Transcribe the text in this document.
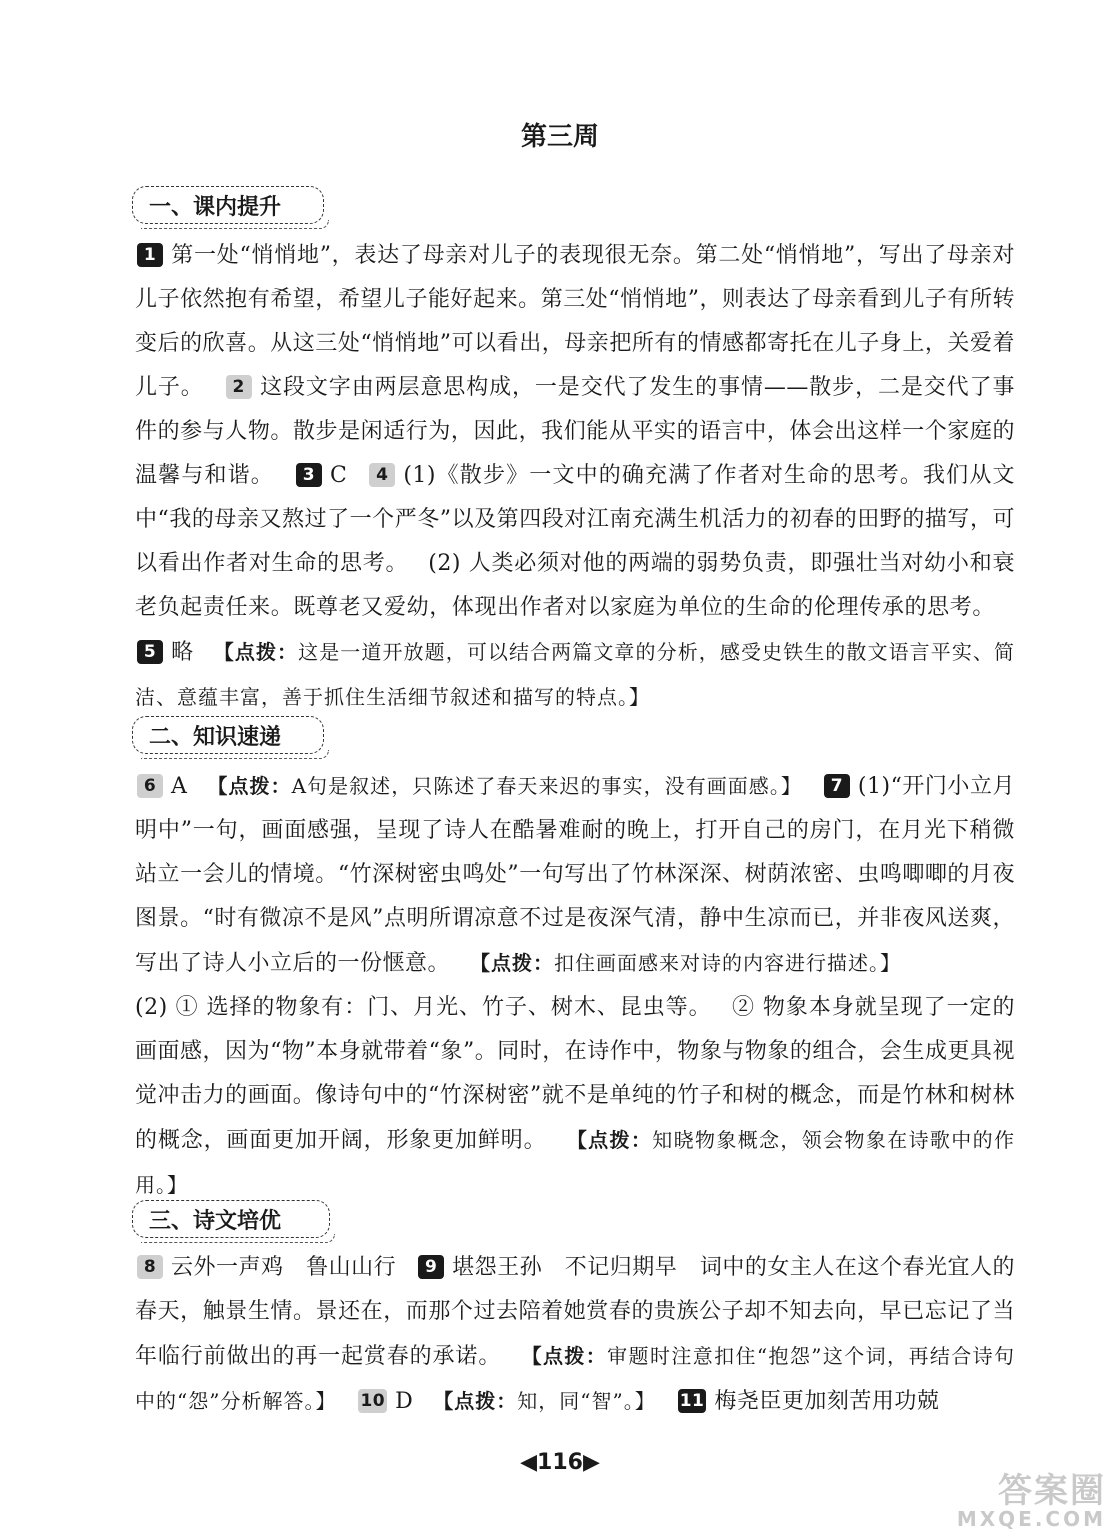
第三周
一、课内提升
1 第一处“悄悄地”，表达了母亲对儿子的表现很无奈。第二处“悄悄地”，写出了母亲对儿子依然抱有希望，希望儿子能好起来。第三处“悄悄地”，则表达了母亲看到儿子有所转变后的欣喜。从这三处“悄悄地”可以看出，母亲把所有的情感都寄托在儿子身上，关爱着儿子。 2 这段文字由两层意思构成，一是交代了发生的事情——散步，二是交代了事件的参与人物。散步是闲适行为，因此，我们能从平实的语言中，体会出这样一个家庭的温馨与和谐。 3 C 4 (1)《散步》一文中的确充满了作者对生命的思考。我们从文中“我的母亲又熬过了一个严冬”以及第四段对江南充满生机活力的初春的田野的描写，可以看出作者对生命的思考。 (2) 人类必须对他的两端的弱势负责，即强壮当对幼小和衰老负起责任来。既尊老又爱幼，体现出作者对以家庭为单位的生命的伦理传承的思考。5 略 【点拨：这是一道开放题，可以结合两篇文章的分析，感受史铁生的散文语言平实、简洁、意蕴丰富，善于抓住生活细节叙述和描写的特点。】
二、知识速递
6 A 【点拨：A句是叙述，只陈述了春天来迟的事实，没有画面感。】 7 (1)“开门小立月明中”一句，画面感强，呈现了诗人在酷暑难耐的晚上，打开自己的房门，在月光下稍微站立一会儿的情境。“竹深树密虫鸣处”一句写出了竹林深深、树荫浓密、虫鸣唧唧的月夜图景。“时有微凉不是风”点明所谓凉意不过是夜深气清，静中生凉而已，并非夜风送爽，写出了诗人小立后的一份惬意。 【点拨：扣住画面感来对诗的内容进行描述。】
(2) ① 选择的物象有：门、月光、竹子、树木、昆虫等。 ② 物象本身就呈现了一定的画面感，因为“物”本身就带着“象”。同时，在诗作中，物象与物象的组合，会生成更具视觉冲击力的画面。像诗句中的“竹深树密”就不是单纯的竹子和树的概念，而是竹林和树林的概念，画面更加开阔，形象更加鲜明。 【点拨：知晓物象概念，领会物象在诗歌中的作用。】
三、诗文培优
8 云外一声鸡　鲁山山行 9 堪怨王孙　不记归期早　词中的女主人在这个春光宜人的春天，触景生情。景还在，而那个过去陪着她赏春的贵族公子却不知去向，早已忘记了当年临行前做出的再一起赏春的承诺。 【点拨：审题时注意扣住“抱怨”这个词，再结合诗句中的“怨”分析解答。】 10 D 【点拨：知，同“智”。】 11 梅尧臣更加刻苦用功兢
◀116▶
答案圈
MXQE.COM
